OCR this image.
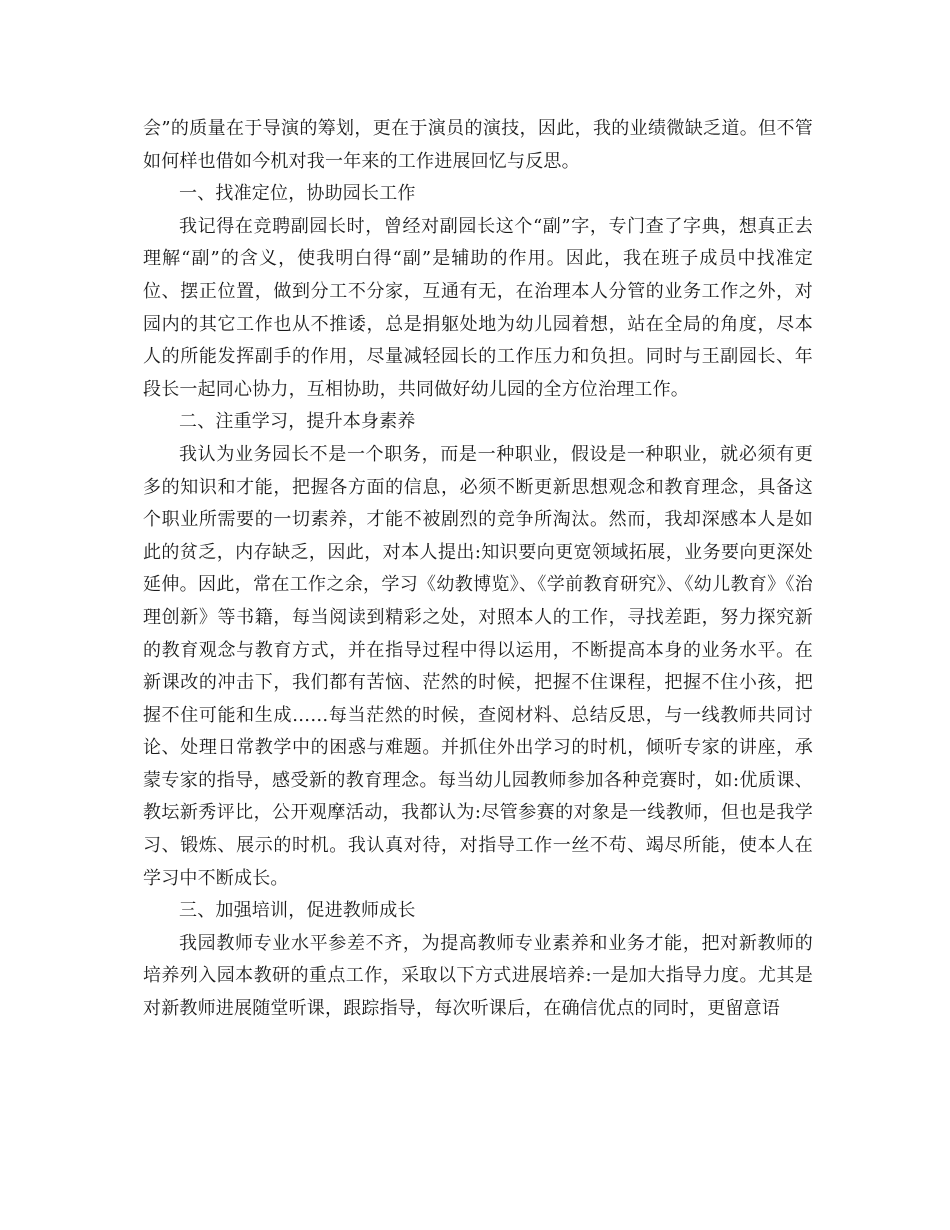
会”的质量在于导演的筹划，更在于演员的演技，因此，我的业绩微缺乏道。但不管如何样也借如今机对我一年来的工作进展回忆与反思。

一、找准定位，协助园长工作

我记得在竞聘副园长时，曾经对副园长这个“副”字，专门查了字典，想真正去理解“副”的含义，使我明白得“副”是辅助的作用。因此，我在班子成员中找准定位、摆正位置，做到分工不分家，互通有无，在治理本人分管的业务工作之外，对园内的其它工作也从不推诿，总是捐躯处地为幼儿园着想，站在全局的角度，尽本人的所能发挥副手的作用，尽量减轻园长的工作压力和负担。同时与王副园长、年段长一起同心协力，互相协助，共同做好幼儿园的全方位治理工作。

二、注重学习，提升本身素养

我认为业务园长不是一个职务，而是一种职业，假设是一种职业，就必须有更多的知识和才能，把握各方面的信息，必须不断更新思想观念和教育理念，具备这个职业所需要的一切素养，才能不被剧烈的竞争所淘汰。然而，我却深感本人是如此的贫乏，内存缺乏，因此，对本人提出:知识要向更宽领域拓展，业务要向更深处延伸。因此，常在工作之余，学习《幼教博览》、《学前教育研究》、《幼儿教育》《治理创新》等书籍，每当阅读到精彩之处，对照本人的工作，寻找差距，努力探究新的教育观念与教育方式，并在指导过程中得以运用，不断提高本身的业务水平。在新课改的冲击下，我们都有苦恼、茫然的时候，把握不住课程，把握不住小孩，把握不住可能和生成……每当茫然的时候，查阅材料、总结反思，与一线教师共同讨论、处理日常教学中的困惑与难题。并抓住外出学习的时机，倾听专家的讲座，承蒙专家的指导，感受新的教育理念。每当幼儿园教师参加各种竞赛时，如:优质课、教坛新秀评比，公开观摩活动，我都认为:尽管参赛的对象是一线教师，但也是我学习、锻炼、展示的时机。我认真对待，对指导工作一丝不苟、竭尽所能，使本人在学习中不断成长。

三、加强培训，促进教师成长

我园教师专业水平参差不齐，为提高教师专业素养和业务才能，把对新教师的培养列入园本教研的重点工作，采取以下方式进展培养:一是加大指导力度。尤其是对新教师进展随堂听课，跟踪指导，每次听课后，在确信优点的同时，更留意语
